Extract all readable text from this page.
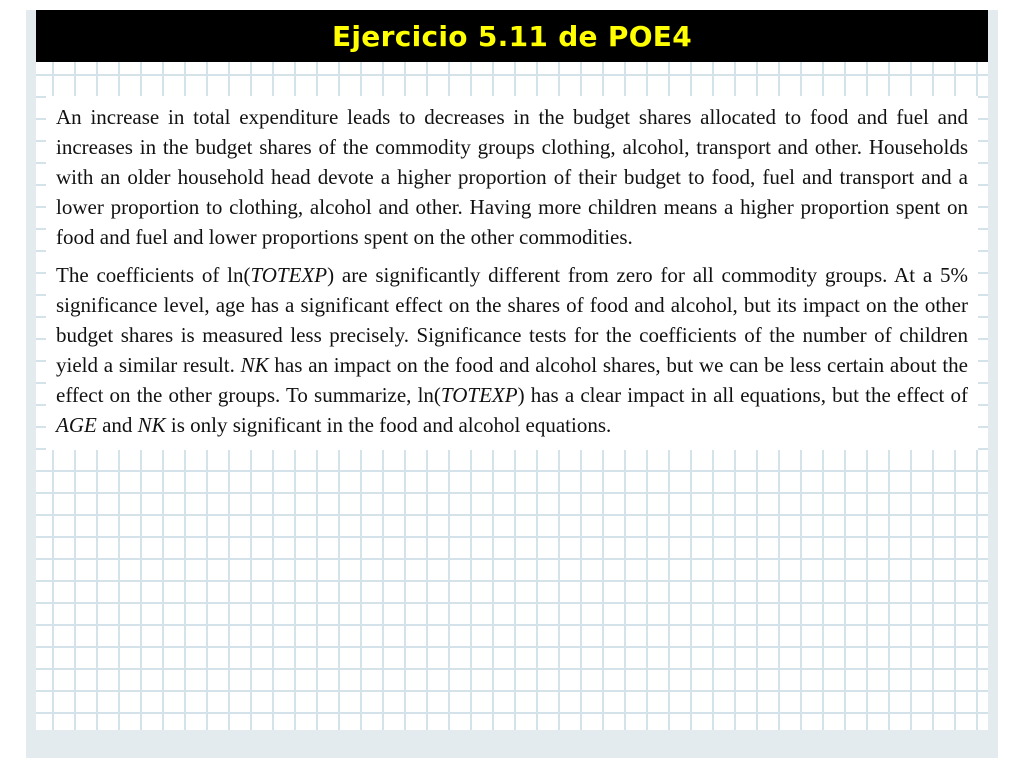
Ejercicio 5.11 de POE4

An increase in total expenditure leads to decreases in the budget shares allocated to food and fuel and increases in the budget shares of the commodity groups clothing, alcohol, transport and other. Households with an older household head devote a higher proportion of their budget to food, fuel and transport and a lower proportion to clothing, alcohol and other. Having more children means a higher proportion spent on food and fuel and lower proportions spent on the other commodities.

The coefficients of ln(TOTEXP) are significantly different from zero for all commodity groups. At a 5% significance level, age has a significant effect on the shares of food and alcohol, but its impact on the other budget shares is measured less precisely. Significance tests for the coefficients of the number of children yield a similar result. NK has an impact on the food and alcohol shares, but we can be less certain about the effect on the other groups. To summarize, ln(TOTEXP) has a clear impact in all equations, but the effect of AGE and NK is only significant in the food and alcohol equations.
